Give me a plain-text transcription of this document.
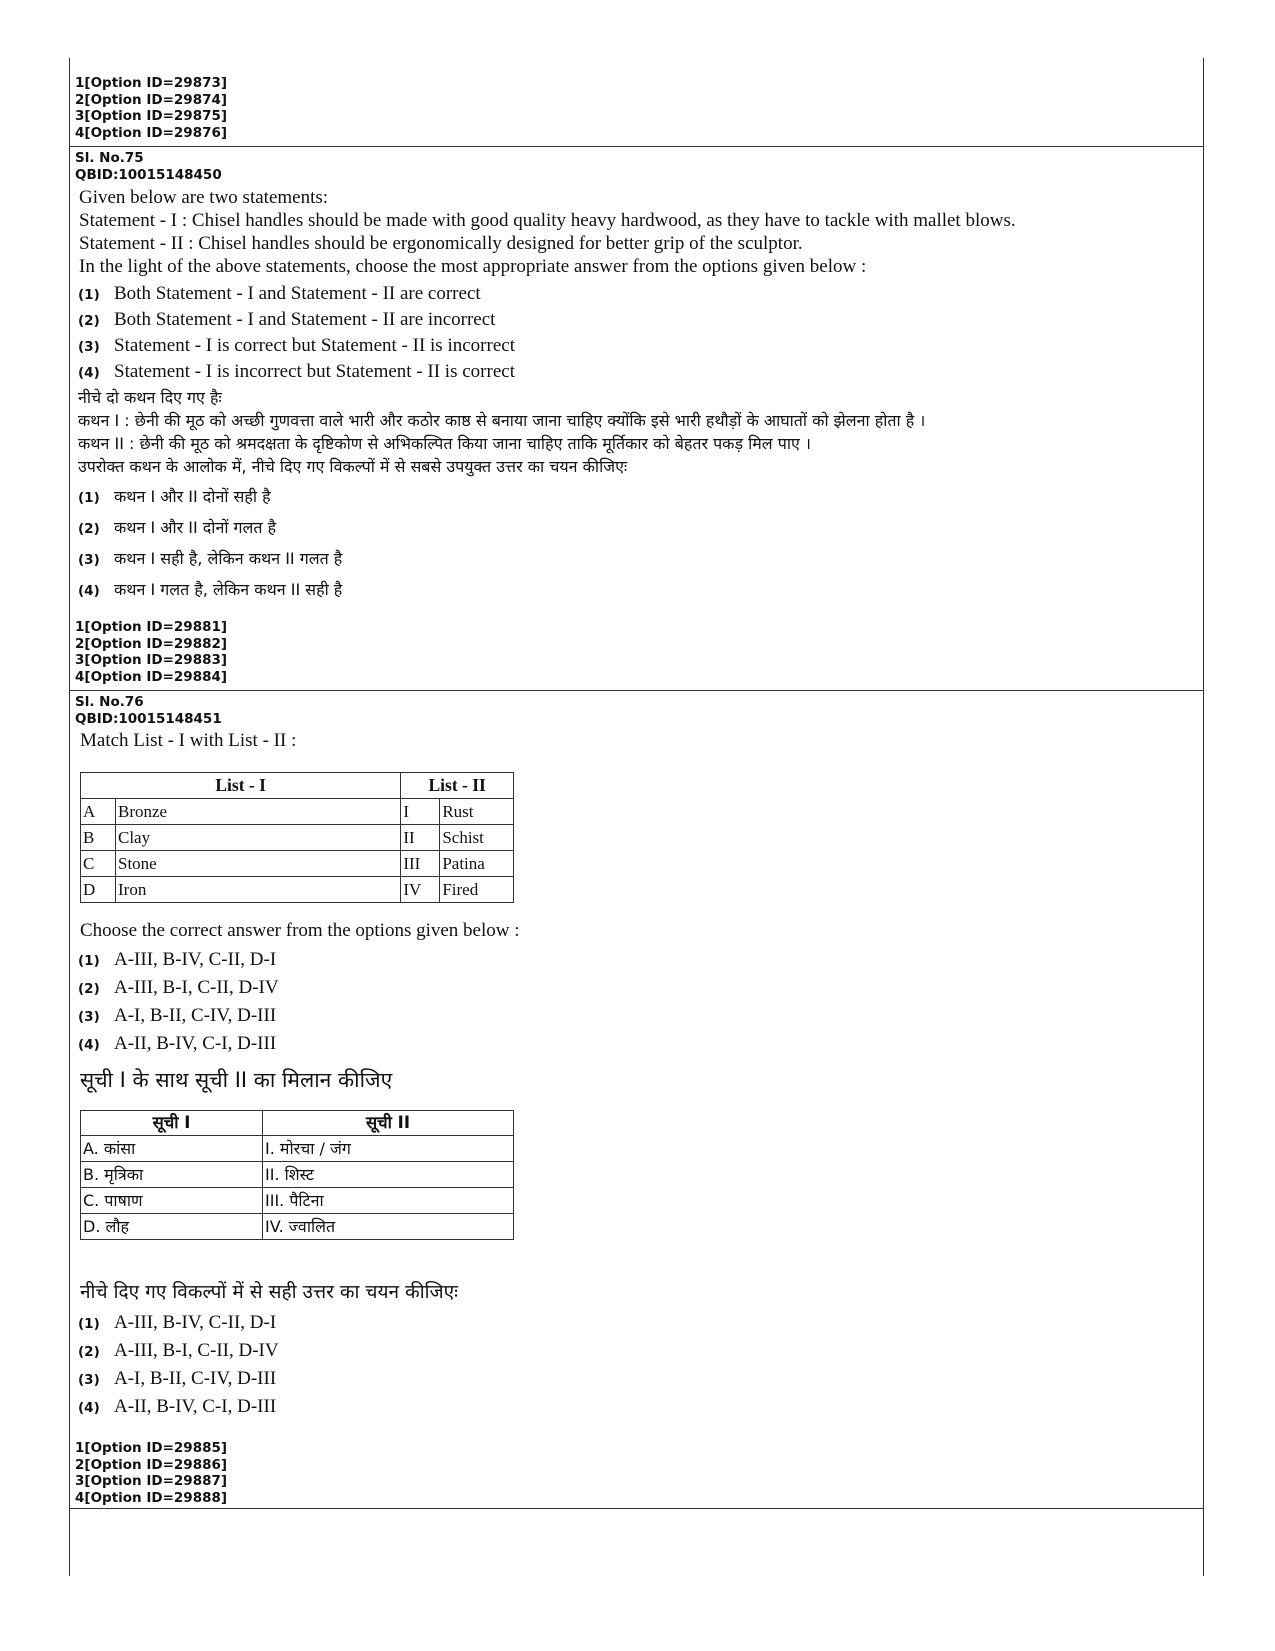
1[Option ID=29873]
2[Option ID=29874]
3[Option ID=29875]
4[Option ID=29876]
Sl. No.75
QBID:10015148450
Given below are two statements:
Statement - I : Chisel handles should be made with good quality heavy hardwood, as they have to tackle with mallet blows.
Statement - II : Chisel handles should be ergonomically designed for better grip of the sculptor.
In the light of the above statements, choose the most appropriate answer from the options given below :
(1) Both Statement - I and Statement - II are correct
(2) Both Statement - I and Statement - II are incorrect
(3) Statement - I is correct but Statement - II is incorrect
(4) Statement - I is incorrect but Statement - II is correct
नीचे दो कथन दिए गए हैः
कथन I : छेनी की मूठ को अच्छी गुणवत्ता वाले भारी और कठोर काष्ठ से बनाया जाना चाहिए क्योंकि इसे भारी हथौड़ों के आघातों को झेलना होता है ।
कथन II : छेनी की मूठ को श्रमदक्षता के दृष्टिकोण से अभिकल्पित किया जाना चाहिए ताकि मूर्तिकार को बेहतर पकड़ मिल पाए ।
उपरोक्त कथन के आलोक में, नीचे दिए गए विकल्पों में से सबसे उपयुक्त उत्तर का चयन कीजिएः
(1) कथन I और II दोनों सही है
(2) कथन I और II दोनों गलत है
(3) कथन I सही है, लेकिन कथन II गलत है
(4) कथन I गलत है, लेकिन कथन II सही है
1[Option ID=29881]
2[Option ID=29882]
3[Option ID=29883]
4[Option ID=29884]
Sl. No.76
QBID:10015148451
Match List - I with List - II :
List - I		List - II	
A	Bronze	I	Rust
B	Clay	II	Schist
C	Stone	III	Patina
D	Iron	IV	Fired
Choose the correct answer from the options given below :
(1) A-III, B-IV, C-II, D-I
(2) A-III, B-I, C-II, D-IV
(3) A-I, B-II, C-IV, D-III
(4) A-II, B-IV, C-I, D-III
सूची I के साथ सूची II का मिलान कीजिए
सूची I	सूची II
A. कांसा	I. मोरचा / जंग
B. मृत्रिका	II. शिस्ट
C. पाषाण	III. पैटिना
D. लौह	IV. ज्वालित
नीचे दिए गए विकल्पों में से सही उत्तर का चयन कीजिएः
(1) A-III, B-IV, C-II, D-I
(2) A-III, B-I, C-II, D-IV
(3) A-I, B-II, C-IV, D-III
(4) A-II, B-IV, C-I, D-III
1[Option ID=29885]
2[Option ID=29886]
3[Option ID=29887]
4[Option ID=29888]
